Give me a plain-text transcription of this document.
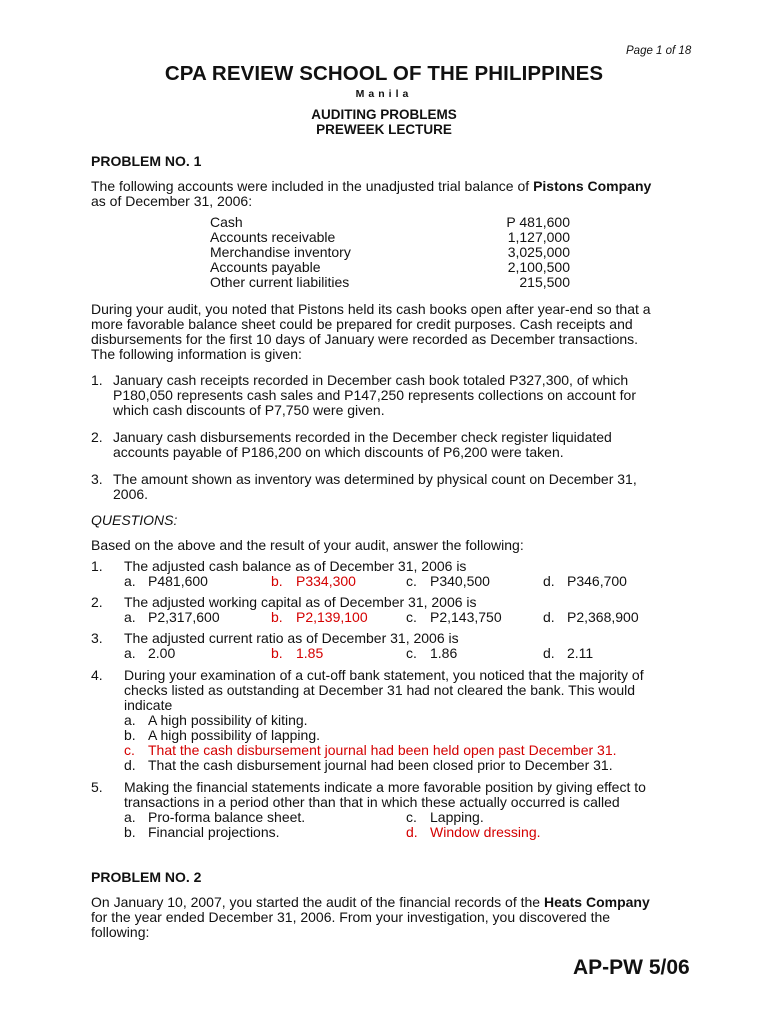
Page 1 of 18
CPA REVIEW SCHOOL OF THE PHILIPPINES
Manila
AUDITING PROBLEMS
PREWEEK LECTURE
PROBLEM NO. 1
The following accounts were included in the unadjusted trial balance of Pistons Company
as of December 31, 2006:
Cash	P 481,600
Accounts receivable	1,127,000
Merchandise inventory	3,025,000
Accounts payable	2,100,500
Other current liabilities	215,500
During your audit, you noted that Pistons held its cash books open after year-end so that a
more favorable balance sheet could be prepared for credit purposes. Cash receipts and
disbursements for the first 10 days of January were recorded as December transactions.
The following information is given:
1. January cash receipts recorded in December cash book totaled P327,300, of which
P180,050 represents cash sales and P147,250 represents collections on account for
which cash discounts of P7,750 were given.
2. January cash disbursements recorded in the December check register liquidated
accounts payable of P186,200 on which discounts of P6,200 were taken.
3. The amount shown as inventory was determined by physical count on December 31,
2006.
QUESTIONS:
Based on the above and the result of your audit, answer the following:
1. The adjusted cash balance as of December 31, 2006 is
a. P481,600	b. P334,300	c. P340,500	d. P346,700
2. The adjusted working capital as of December 31, 2006 is
a. P2,317,600	b. P2,139,100	c. P2,143,750	d. P2,368,900
3. The adjusted current ratio as of December 31, 2006 is
a. 2.00	b. 1.85	c. 1.86	d. 2.11
4. During your examination of a cut-off bank statement, you noticed that the majority of
checks listed as outstanding at December 31 had not cleared the bank. This would
indicate
a. A high possibility of kiting.
b. A high possibility of lapping.
c. That the cash disbursement journal had been held open past December 31.
d. That the cash disbursement journal had been closed prior to December 31.
5. Making the financial statements indicate a more favorable position by giving effect to
transactions in a period other than that in which these actually occurred is called
a. Pro-forma balance sheet.
b. Financial projections.
c. Lapping.
d. Window dressing.
PROBLEM NO. 2
On January 10, 2007, you started the audit of the financial records of the Heats Company
for the year ended December 31, 2006. From your investigation, you discovered the
following:
AP-PW 5/06
